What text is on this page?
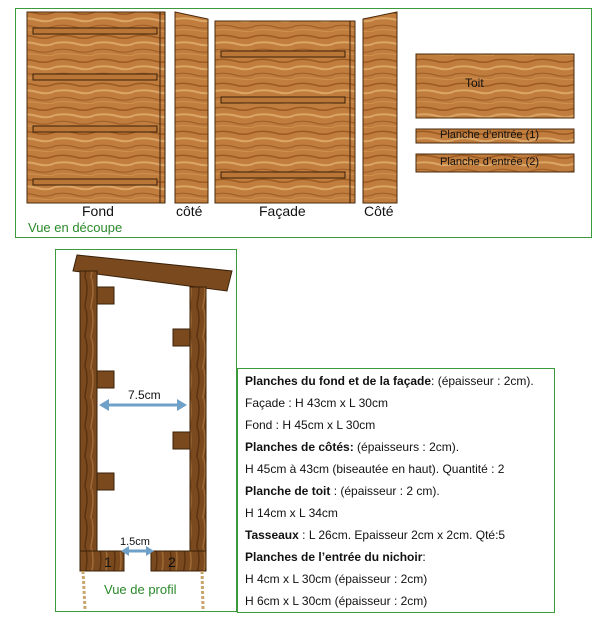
Fond	côté	Façade	Côté
Toit
Planche d’entrée (1)
Planche d’entrée (2)
Vue en découpe
7.5cm
1.5cm
1	2
Vue de profil
Planches du fond et de la façade: (épaisseur : 2cm).
Façade : H 43cm x L 30cm
Fond : H 45cm x L 30cm
Planches de côtés: (épaisseurs : 2cm).
H 45cm à 43cm (biseautée en haut). Quantité : 2
Planche de toit : (épaisseur : 2 cm).
H 14cm x L 34cm
Tasseaux : L 26cm. Epaisseur 2cm x 2cm. Qté:5
Planches de l’entrée du nichoir:
H 4cm x L 30cm (épaisseur : 2cm)
H 6cm x L 30cm (épaisseur : 2cm)
